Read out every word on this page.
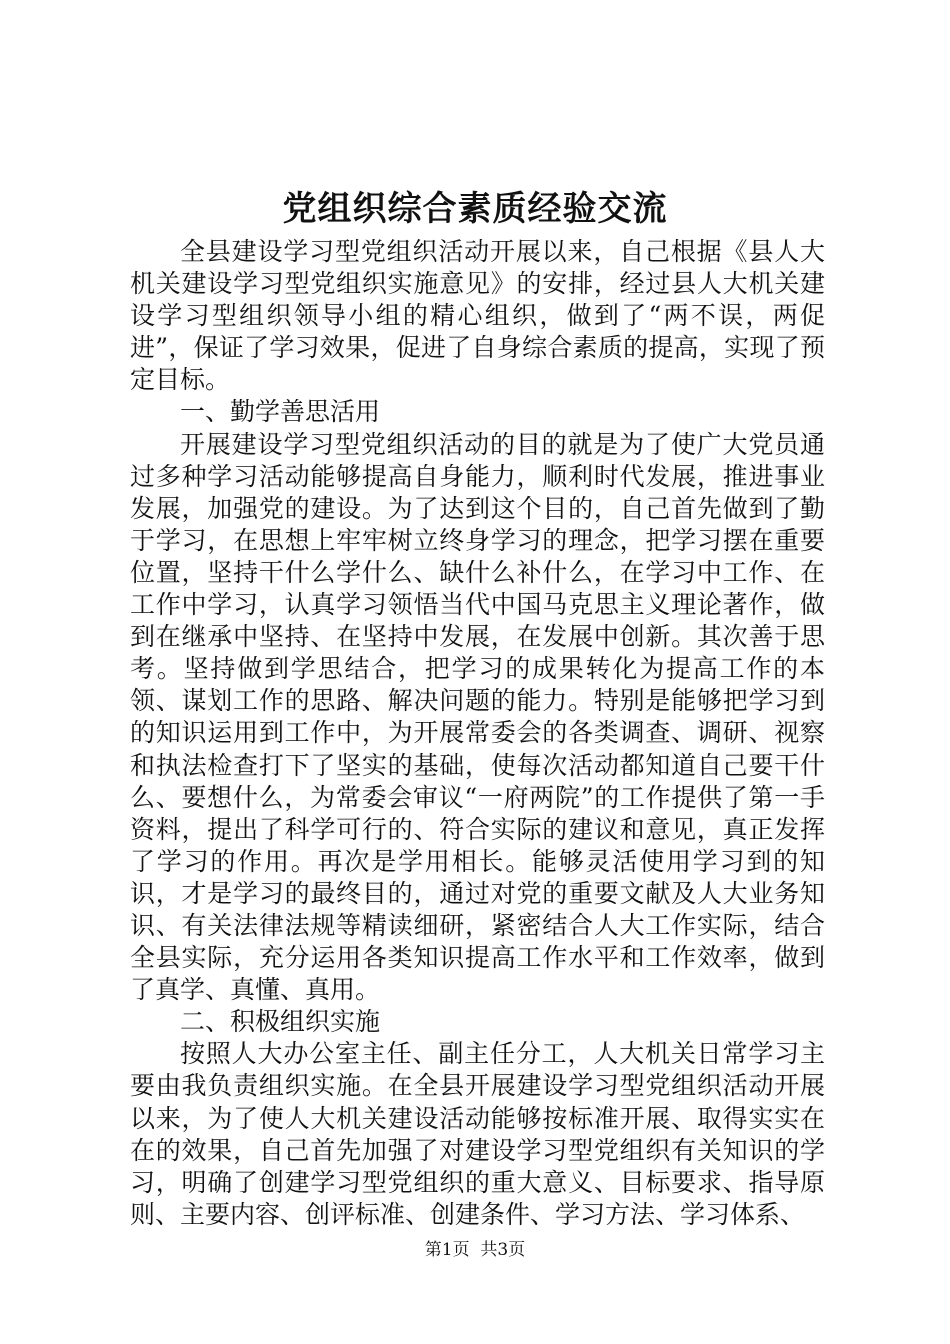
党组织综合素质经验交流

全县建设学习型党组织活动开展以来，自己根据《县人大机关建设学习型党组织实施意见》的安排，经过县人大机关建设学习型组织领导小组的精心组织，做到了“两不误，两促进”，保证了学习效果，促进了自身综合素质的提高，实现了预定目标。

一、勤学善思活用

开展建设学习型党组织活动的目的就是为了使广大党员通过多种学习活动能够提高自身能力，顺利时代发展，推进事业发展，加强党的建设。为了达到这个目的，自己首先做到了勤于学习，在思想上牢牢树立终身学习的理念，把学习摆在重要位置，坚持干什么学什么、缺什么补什么，在学习中工作、在工作中学习，认真学习领悟当代中国马克思主义理论著作，做到在继承中坚持、在坚持中发展，在发展中创新。其次善于思考。坚持做到学思结合，把学习的成果转化为提高工作的本领、谋划工作的思路、解决问题的能力。特别是能够把学习到的知识运用到工作中，为开展常委会的各类调查、调研、视察和执法检查打下了坚实的基础，使每次活动都知道自己要干什么、要想什么，为常委会审议“一府两院”的工作提供了第一手资料，提出了科学可行的、符合实际的建议和意见，真正发挥了学习的作用。再次是学用相长。能够灵活使用学习到的知识，才是学习的最终目的，通过对党的重要文献及人大业务知识、有关法律法规等精读细研，紧密结合人大工作实际，结合全县实际，充分运用各类知识提高工作水平和工作效率，做到了真学、真懂、真用。

二、积极组织实施

按照人大办公室主任、副主任分工，人大机关日常学习主要由我负责组织实施。在全县开展建设学习型党组织活动开展以来，为了使人大机关建设活动能够按标准开展、取得实实在在的效果，自己首先加强了对建设学习型党组织有关知识的学习，明确了创建学习型党组织的重大意义、目标要求、指导原则、主要内容、创评标准、创建条件、学习方法、学习体系、

第1页 共3页
